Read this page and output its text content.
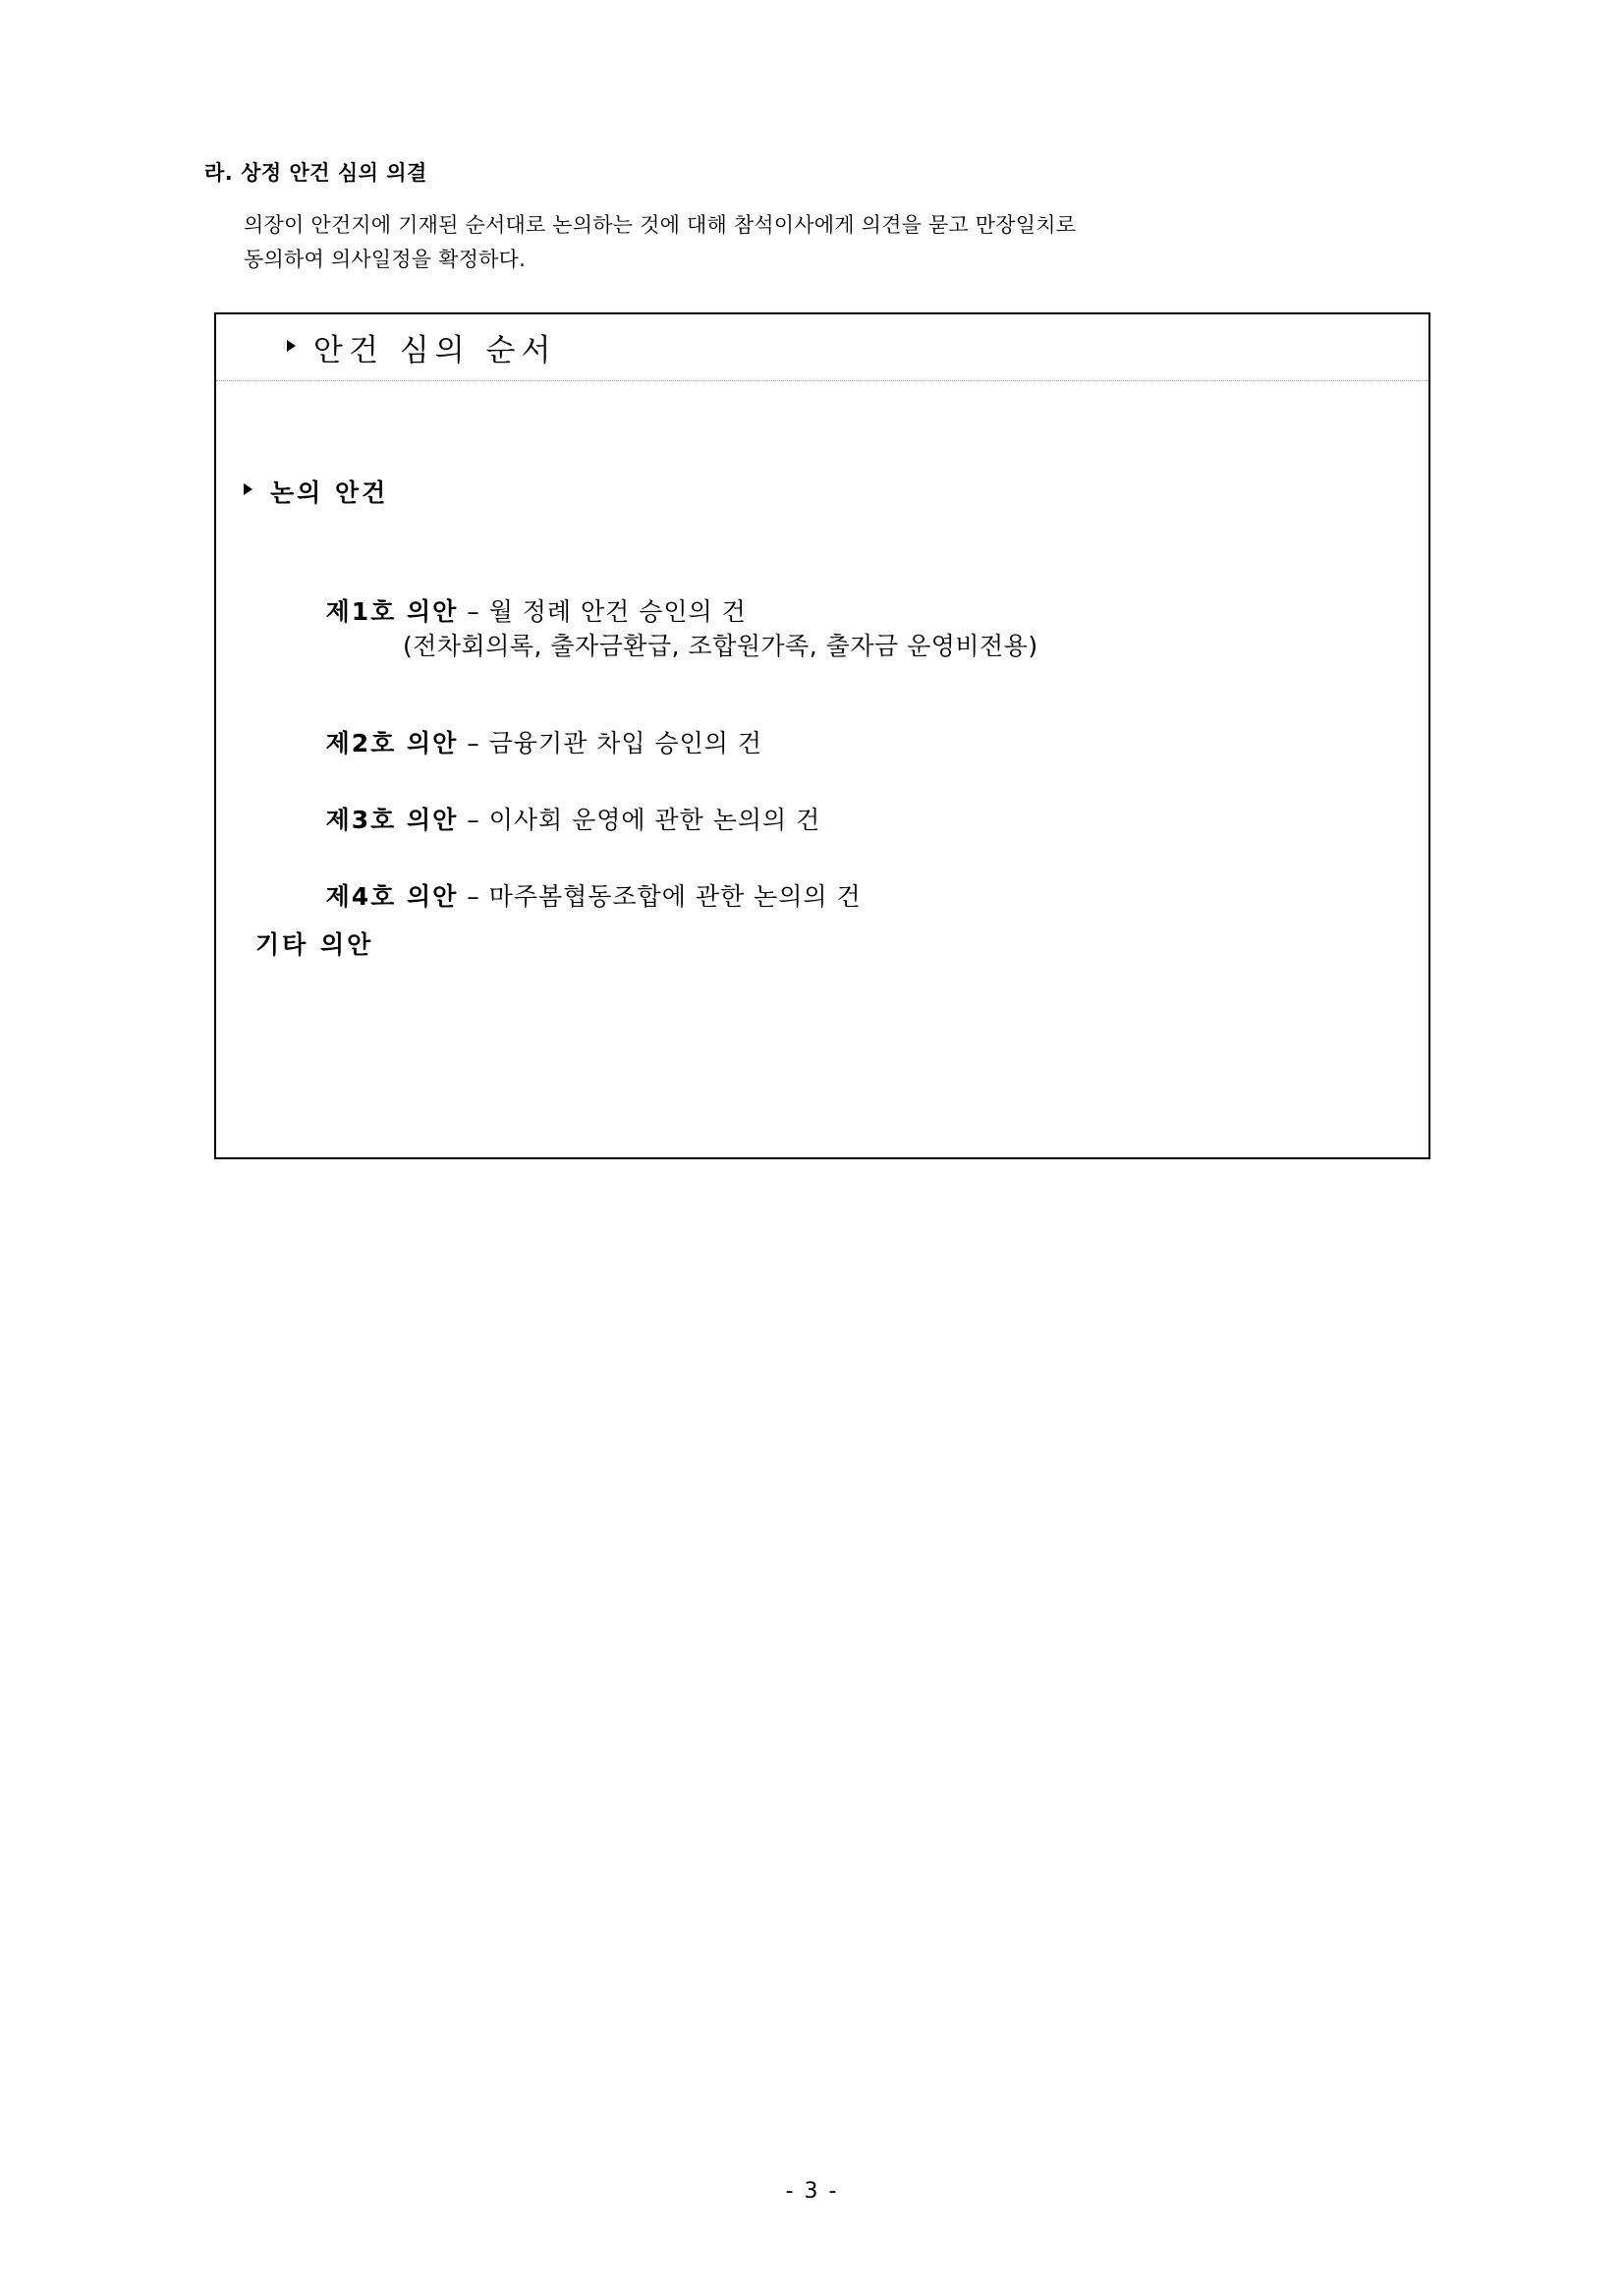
라. 상정 안건 심의 의결
의장이 안건지에 기재된 순서대로 논의하는 것에 대해 참석이사에게 의견을 묻고 만장일치로
동의하여 의사일정을 확정하다.
안건 심의 순서
논의 안건

제1호 의안 – 월 정례 안건 승인의 건

(전차회의록, 출자금환급, 조합원가족, 출자금 운영비전용)

제2호 의안 – 금융기관 차입 승인의 건

제3호 의안 – 이사회 운영에 관한 논의의 건

제4호 의안 – 마주봄협동조합에 관한 논의의 건

기타 의안
- 3 -
